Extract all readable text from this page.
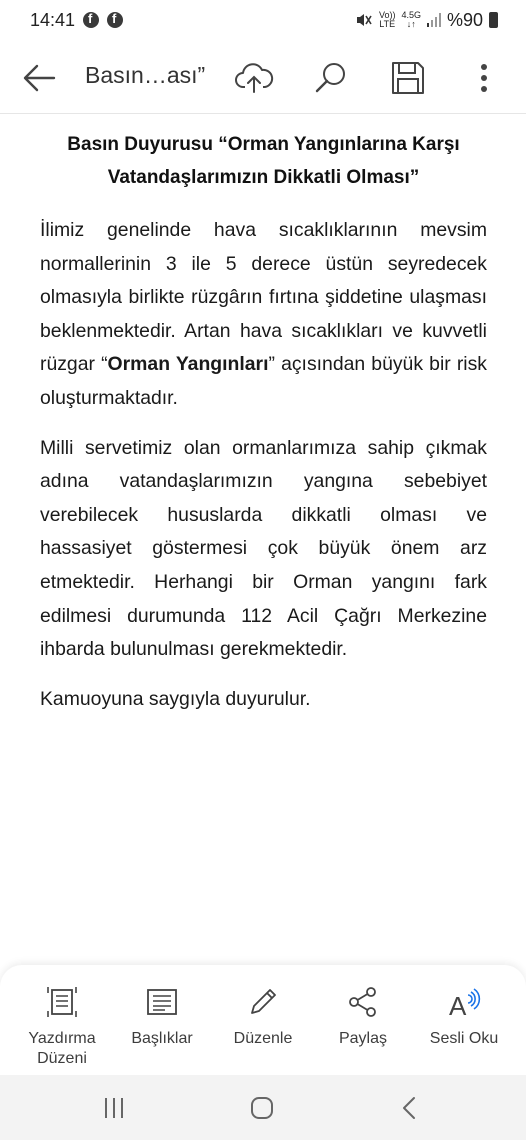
14:41 f f	Vo))
LTE
4.5G
↓↑ %90
Basın…ası”
Basın Duyurusu “Orman Yangınlarına Karşı Vatandaşlarımızın Dikkatli Olması”

İlimiz genelinde hava sıcaklıklarının mevsim normallerinin 3 ile 5 derece üstün seyredecek olmasıyla birlikte rüzgârın fırtına şiddetine ulaşması beklenmektedir. Artan hava sıcaklıkları ve kuvvetli rüzgar “Orman Yangınları” açısından büyük bir risk oluşturmaktadır.

Milli servetimiz olan ormanlarımıza sahip çıkmak adına vatandaşlarımızın yangına sebebiyet verebilecek hususlarda dikkatli olması ve hassasiyet göstermesi çok büyük önem arz etmektedir. Herhangi bir Orman yangını fark edilmesi durumunda 112 Acil Çağrı Merkezine ihbarda bulunulması gerekmektedir.

Kamuoyuna saygıyla duyurulur.

Yazdırma
Düzeni
Başlıklar	Düzenle	Paylaş
A
Sesli Oku
